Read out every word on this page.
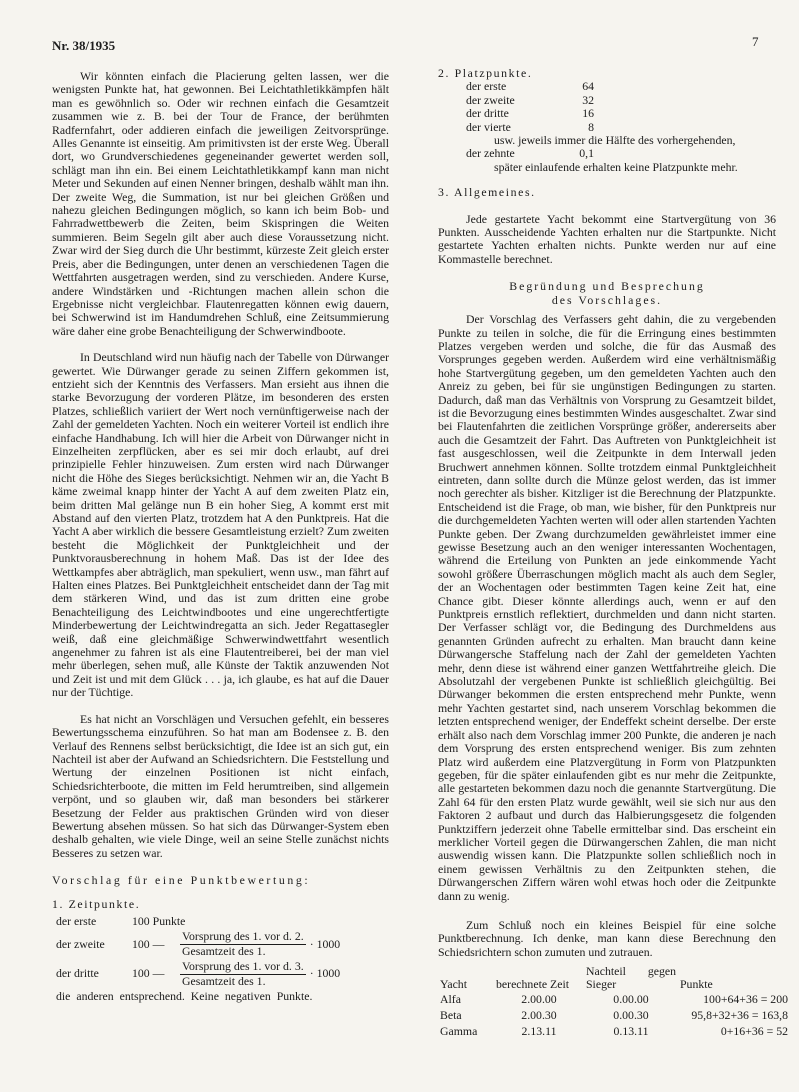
Nr. 38/1935	7

Wir könnten einfach die Placierung gelten lassen, wer die wenigsten Punkte hat, hat gewonnen. Bei Leichtathletikkämpfen hält man es gewöhnlich so. Oder wir rechnen einfach die Gesamtzeit zusammen wie z. B. bei der Tour de France, der berühmten Radfernfahrt, oder addieren einfach die jeweiligen Zeitvorsprünge. Alles Genannte ist einseitig. Am primitivsten ist der erste Weg. Überall dort, wo Grundverschiedenes gegeneinander gewertet werden soll, schlägt man ihn ein. Bei einem Leichtathletikkampf kann man nicht Meter und Sekunden auf einen Nenner bringen, deshalb wählt man ihn. Der zweite Weg, die Summation, ist nur bei gleichen Größen und nahezu gleichen Bedingungen möglich, so kann ich beim Bob- und Fahrradwettbewerb die Zeiten, beim Skispringen die Weiten summieren. Beim Segeln gilt aber auch diese Voraussetzung nicht. Zwar wird der Sieg durch die Uhr bestimmt, kürzeste Zeit gleich erster Preis, aber die Bedingungen, unter denen an verschiedenen Tagen die Wettfahrten ausgetragen werden, sind zu verschieden. Andere Kurse, andere Windstärken und -Richtungen machen allein schon die Ergebnisse nicht vergleichbar. Flautenregatten können ewig dauern, bei Schwerwind ist im Handumdrehen Schluß, eine Zeitsummierung wäre daher eine grobe Benachteiligung der Schwerwindboote.

In Deutschland wird nun häufig nach der Tabelle von Dürwanger gewertet. Wie Dürwanger gerade zu seinen Ziffern gekommen ist, entzieht sich der Kenntnis des Verfassers. Man ersieht aus ihnen die starke Bevorzugung der vorderen Plätze, im besonderen des ersten Platzes, schließlich variiert der Wert noch vernünftigerweise nach der Zahl der gemeldeten Yachten. Noch ein weiterer Vorteil ist endlich ihre einfache Handhabung. Ich will hier die Arbeit von Dürwanger nicht in Einzelheiten zerpflücken, aber es sei mir doch erlaubt, auf drei prinzipielle Fehler hinzuweisen. Zum ersten wird nach Dürwanger nicht die Höhe des Sieges berücksichtigt. Nehmen wir an, die Yacht B käme zweimal knapp hinter der Yacht A auf dem zweiten Platz ein, beim dritten Mal gelänge nun B ein hoher Sieg, A kommt erst mit Abstand auf den vierten Platz, trotzdem hat A den Punktpreis. Hat die Yacht A aber wirklich die bessere Gesamtleistung erzielt? Zum zweiten besteht die Möglichkeit der Punktgleichheit und der Punktvorausberechnung in hohem Maß. Das ist der Idee des Wettkampfes aber abträglich, man spekuliert, wenn usw., man fährt auf Halten eines Platzes. Bei Punktgleichheit entscheidet dann der Tag mit dem stärkeren Wind, und das ist zum dritten eine grobe Benachteiligung des Leichtwindbootes und eine ungerechtfertigte Minderbewertung der Leichtwindregatta an sich. Jeder Regattasegler weiß, daß eine gleichmäßige Schwerwindwettfahrt wesentlich angenehmer zu fahren ist als eine Flautentreiberei, bei der man viel mehr überlegen, sehen muß, alle Künste der Taktik anzuwenden Not und Zeit ist und mit dem Glück . . . ja, ich glaube, es hat auf die Dauer nur der Tüchtige.

Es hat nicht an Vorschlägen und Versuchen gefehlt, ein besseres Bewertungsschema einzuführen. So hat man am Bodensee z. B. den Verlauf des Rennens selbst berücksichtigt, die Idee ist an sich gut, ein Nachteil ist aber der Aufwand an Schiedsrichtern. Die Feststellung und Wertung der einzelnen Positionen ist nicht einfach, Schiedsrichterboote, die mitten im Feld herumtreiben, sind allgemein verpönt, und so glauben wir, daß man besonders bei stärkerer Besetzung der Felder aus praktischen Gründen wird von dieser Bewertung absehen müssen. So hat sich das Dürwanger-System eben deshalb gehalten, wie viele Dinge, weil an seine Stelle zunächst nichts Besseres zu setzen war.

Vorschlag für eine Punktbewertung:

1. Zeitpunkte.

der erste	100 Punkte
der zweite	100 —	$\frac{\text{Vorsprung des 1. vor d. 2.}}{\text{Gesamtzeit des 1.}} \cdot 1000$
der dritte	100 —	$\frac{\text{Vorsprung des 1. vor d. 3.}}{\text{Gesamtzeit des 1.}} \cdot 1000$

die anderen entsprechend. Keine negativen Punkte.

2. Platzpunkte.

der erste	64
der zweite	32
der dritte	16
der vierte	8

usw. jeweils immer die Hälfte des vorhergehenden,

der zehnte	0,1

später einlaufende erhalten keine Platzpunkte mehr.

3. Allgemeines.

Jede gestartete Yacht bekommt eine Startvergütung von 36 Punkten. Ausscheidende Yachten erhalten nur die Startpunkte. Nicht gestartete Yachten erhalten nichts. Punkte werden nur auf eine Kommastelle berechnet.

Begründung und Besprechung

des Vorschlages.

Der Vorschlag des Verfassers geht dahin, die zu vergebenden Punkte zu teilen in solche, die für die Erringung eines bestimmten Platzes vergeben werden und solche, die für das Ausmaß des Vorsprunges gegeben werden. Außerdem wird eine verhältnismäßig hohe Startvergütung gegeben, um den gemeldeten Yachten auch den Anreiz zu geben, bei für sie ungünstigen Bedingungen zu starten. Dadurch, daß man das Verhältnis von Vorsprung zu Gesamtzeit bildet, ist die Bevorzugung eines bestimmten Windes ausgeschaltet. Zwar sind bei Flautenfahrten die zeitlichen Vorsprünge größer, andererseits aber auch die Gesamtzeit der Fahrt. Das Auftreten von Punktgleichheit ist fast ausgeschlossen, weil die Zeitpunkte in dem Interwall jeden Bruchwert annehmen können. Sollte trotzdem einmal Punktgleichheit eintreten, dann sollte durch die Münze gelost werden, das ist immer noch gerechter als bisher. Kitzliger ist die Berechnung der Platzpunkte. Entscheidend ist die Frage, ob man, wie bisher, für den Punktpreis nur die durchgemeldeten Yachten werten will oder allen startenden Yachten Punkte geben. Der Zwang durchzumelden gewährleistet immer eine gewisse Besetzung auch an den weniger interessanten Wochentagen, während die Erteilung von Punkten an jede einkommende Yacht sowohl größere Überraschungen möglich macht als auch dem Segler, der an Wochentagen oder bestimmten Tagen keine Zeit hat, eine Chance gibt. Dieser könnte allerdings auch, wenn er auf den Punktpreis ernstlich reflektiert, durchmelden und dann nicht starten. Der Verfasser schlägt vor, die Bedingung des Durchmeldens aus genannten Gründen aufrecht zu erhalten. Man braucht dann keine Dürwangersche Staffelung nach der Zahl der gemeldeten Yachten mehr, denn diese ist während einer ganzen Wettfahrtreihe gleich. Die Absolutzahl der vergebenen Punkte ist schließlich gleichgültig. Bei Dürwanger bekommen die ersten entsprechend mehr Punkte, wenn mehr Yachten gestartet sind, nach unserem Vorschlag bekommen die letzten entsprechend weniger, der Endeffekt scheint derselbe. Der erste erhält also nach dem Vorschlag immer 200 Punkte, die anderen je nach dem Vorsprung des ersten entsprechend weniger. Bis zum zehnten Platz wird außerdem eine Platzvergütung in Form von Platzpunkten gegeben, für die später einlaufenden gibt es nur mehr die Zeitpunkte, alle gestarteten bekommen dazu noch die genannte Startvergütung. Die Zahl 64 für den ersten Platz wurde gewählt, weil sie sich nur aus den Faktoren 2 aufbaut und durch das Halbierungsgesetz die folgenden Punktziffern jederzeit ohne Tabelle ermittelbar sind. Das erscheint ein merklicher Vorteil gegen die Dürwangerschen Zahlen, die man nicht auswendig wissen kann. Die Platzpunkte sollen schließlich noch in einem gewissen Verhältnis zu den Zeitpunkten stehen, die Dürwangerschen Ziffern wären wohl etwas hoch oder die Zeitpunkte dann zu wenig.

Zum Schluß noch ein kleines Beispiel für eine solche Punktberechnung. Ich denke, man kann diese Berechnung den Schiedsrichtern schon zumuten und zutrauen.

Yacht	berechnete Zeit	Nachteil gegen Sieger	Punkte
Alfa	2.00.00	0.00.00	100+64+36 = 200
Beta	2.00.30	0.00.30	95,8+32+36 = 163,8
Gamma	2.13.11	0.13.11	0+16+36 = 52
